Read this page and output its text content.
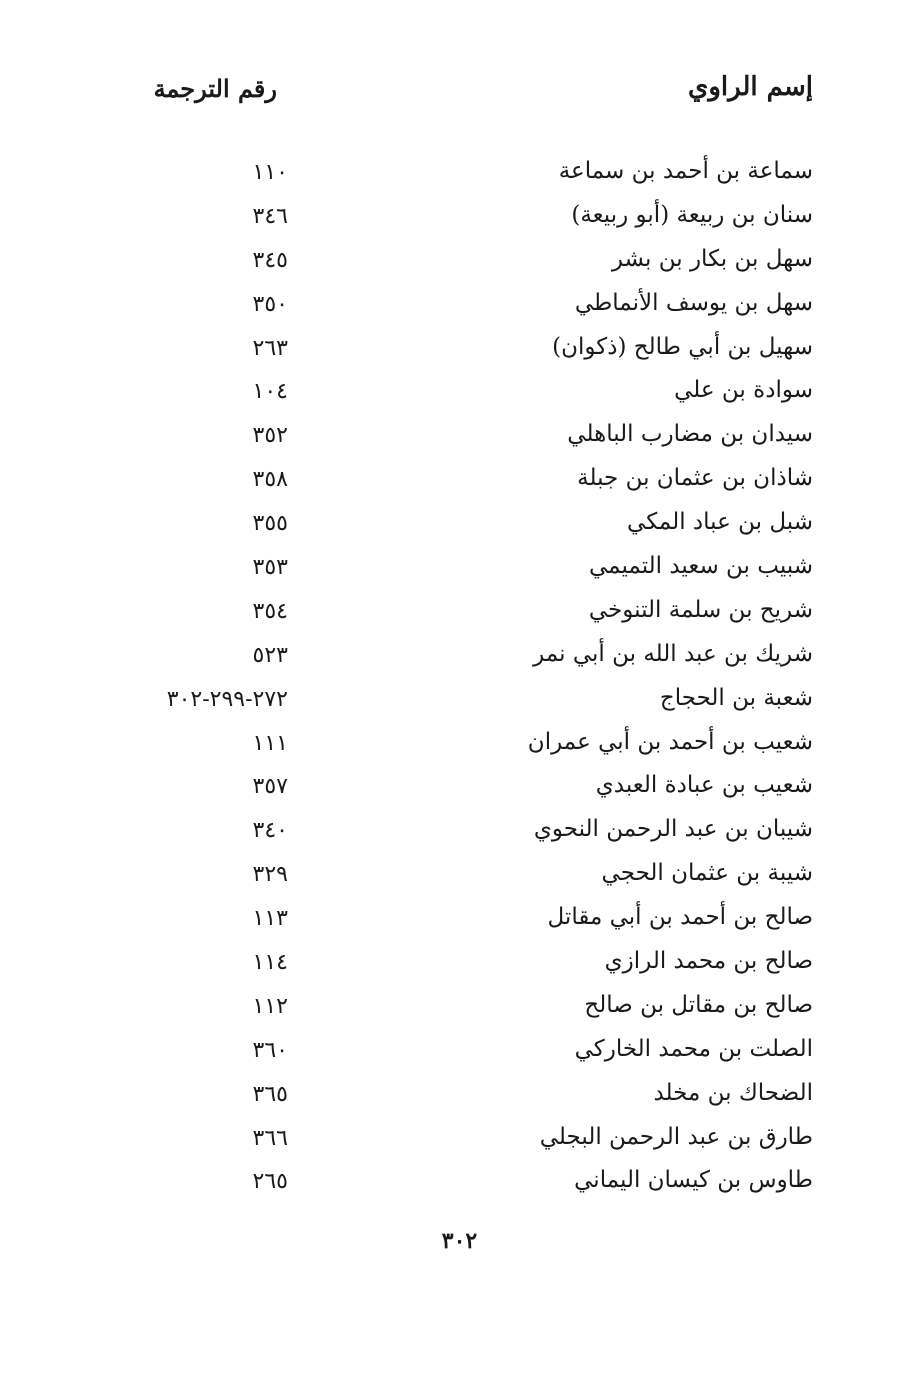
إسم الراوي
رقم الترجمة
سماعة بن أحمد بن سماعة
١١٠
سنان بن ربيعة (أبو ربيعة)
٣٤٦
سهل بن بكار بن بشر
٣٤٥
سهل بن يوسف الأنماطي
٣٥٠
سهيل بن أبي طالح (ذكوان)
٢٦٣
سوادة بن علي
١٠٤
سيدان بن مضارب الباهلي
٣٥٢
شاذان بن عثمان بن جبلة
٣٥٨
شبل بن عباد المكي
٣٥٥
شبيب بن سعيد التميمي
٣٥٣
شريح بن سلمة التنوخي
٣٥٤
شريك بن عبد الله بن أبي نمر
٥٢٣
شعبة بن الحجاج
٢٧٢-٢٩٩-٣٠٢
شعيب بن أحمد بن أبي عمران
١١١
شعيب بن عبادة العبدي
٣٥٧
شيبان بن عبد الرحمن النحوي
٣٤٠
شيبة بن عثمان الحجي
٣٢٩
صالح بن أحمد بن أبي مقاتل
١١٣
صالح بن محمد الرازي
١١٤
صالح بن مقاتل بن صالح
١١٢
الصلت بن محمد الخاركي
٣٦٠
الضحاك بن مخلد
٣٦٥
طارق بن عبد الرحمن البجلي
٣٦٦
طاوس بن كيسان اليماني
٢٦٥
٣٠٢
